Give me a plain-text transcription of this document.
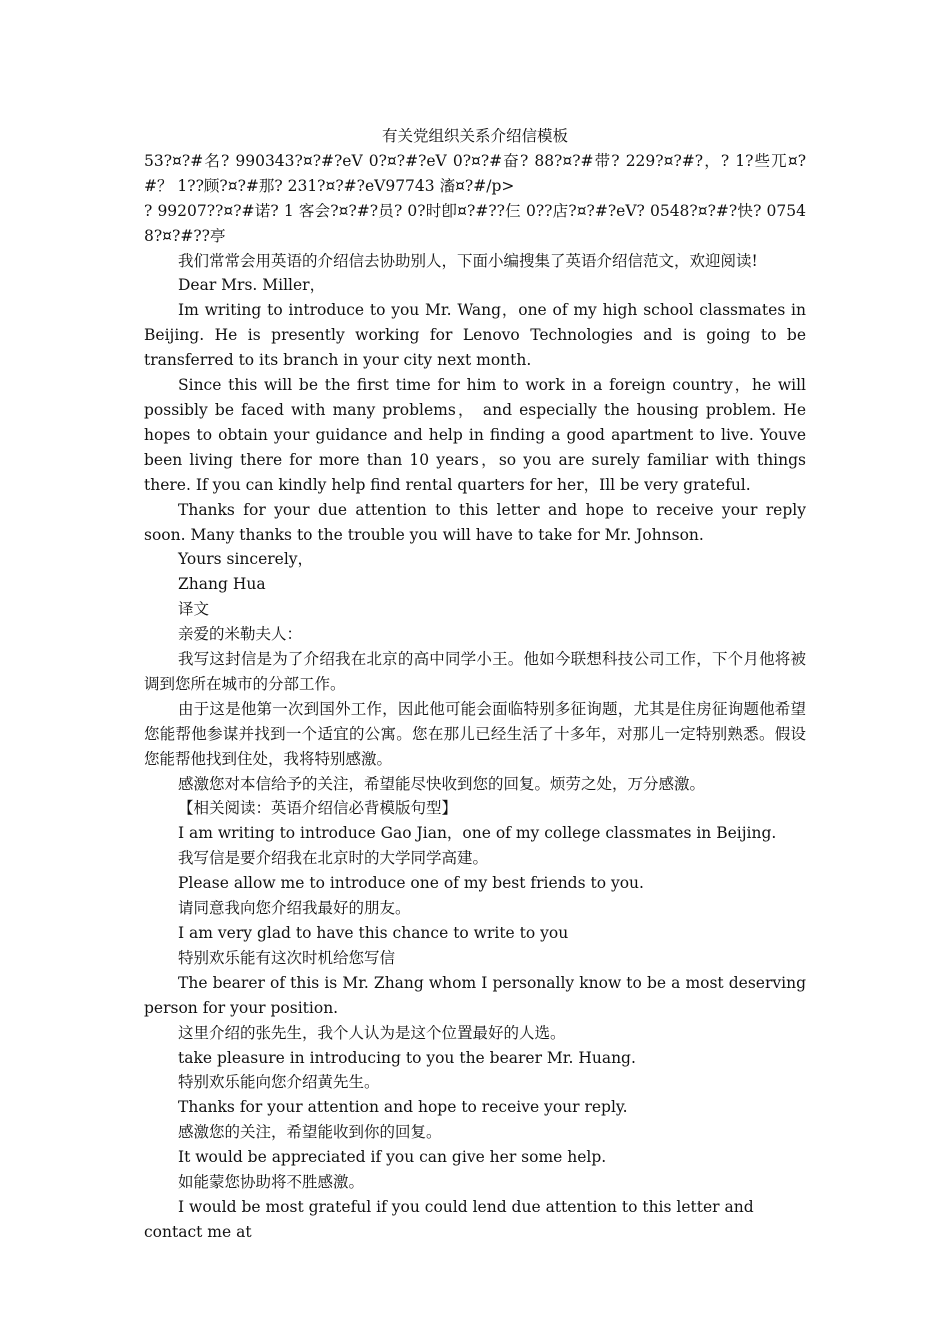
有关党组织关系介绍信模板

53?¤?#名? 990343?¤?#?eV 0?¤?#?eV 0?¤?#奋? 88?¤?#带? 229?¤?#?，? 1?些兀¤?#？ 1??顾?¤?#那? 231?¤?#?eV97743 滀¤?#/p>

? 99207??¤?#诺? 1 客会?¤?#?员? 0?时卽¤?#??仨 0??店?¤?#?eV? 0548?¤?#?快? 07548?¤?#??亭

我们常常会用英语的介绍信去协助别人，下面小编搜集了英语介绍信范文，欢迎阅读!

Dear Mrs. Miller，

Im writing to introduce to you Mr. Wang，one of my high school classmates in Beijing. He is presently working for Lenovo Technologies and is going to be transferred to its branch in your city next month.

Since this will be the first time for him to work in a foreign country，he will possibly be faced with many problems， and especially the housing problem. He hopes to obtain your guidance and help in finding a good apartment to live. Youve been living there for more than 10 years，so you are surely familiar with things there. If you can kindly help find rental quarters for her，Ill be very grateful.

Thanks for your due attention to this letter and hope to receive your reply soon. Many thanks to the trouble you will have to take for Mr. Johnson.

Yours sincerely，

Zhang Hua

译文

亲爱的米勒夫人：

我写这封信是为了介绍我在北京的高中同学小王。他如今联想科技公司工作，下个月他将被调到您所在城市的分部工作。

由于这是他第一次到国外工作，因此他可能会面临特别多征询题，尤其是住房征询题他希望您能帮他参谋并找到一个适宜的公寓。您在那儿已经生活了十多年，对那儿一定特别熟悉。假设您能帮他找到住处，我将特别感激。

感激您对本信给予的关注，希望能尽快收到您的回复。烦劳之处，万分感激。

【相关阅读：英语介绍信必背模版句型】

I am writing to introduce Gao Jian，one of my college classmates in Beijing.

我写信是要介绍我在北京时的大学同学高建。

Please allow me to introduce one of my best friends to you.

请同意我向您介绍我最好的朋友。

I am very glad to have this chance to write to you

特别欢乐能有这次时机给您写信

The bearer of this is Mr. Zhang whom I personally know to be a most deserving person for your position.

这里介绍的张先生，我个人认为是这个位置最好的人选。

take pleasure in introducing to you the bearer Mr. Huang.

特别欢乐能向您介绍黄先生。

Thanks for your attention and hope to receive your reply.

感激您的关注，希望能收到你的回复。

It would be appreciated if you can give her some help.

如能蒙您协助将不胜感激。

I would be most grateful if you could lend due attention to this letter and contact me at
